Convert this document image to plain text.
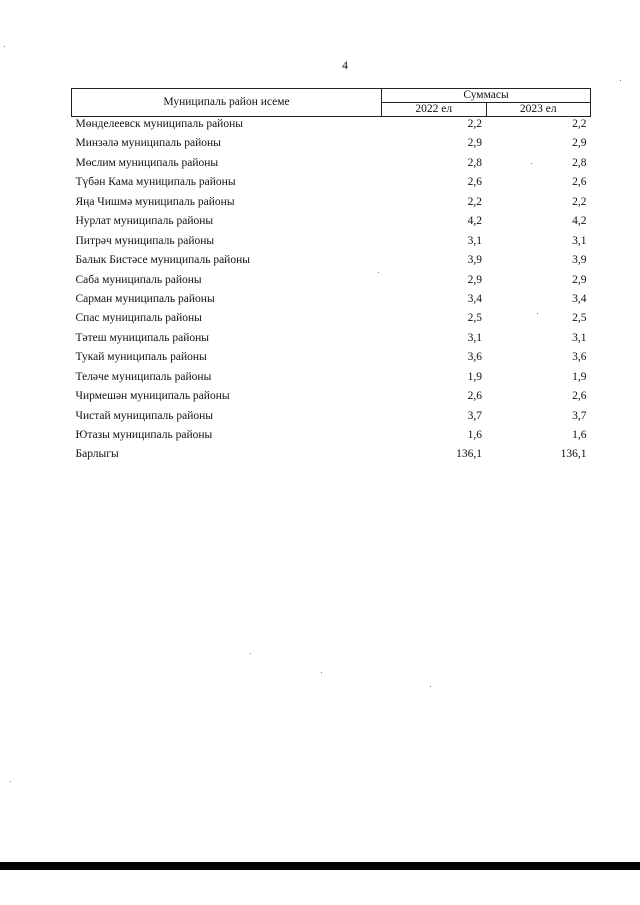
4
Муниципаль район исеме	Суммасы	
	2022 ел	2023 ел
Мөнделеевск муниципаль районы	2,2	2,2
Минзәлә муниципаль районы	2,9	2,9
Мөслим муниципаль районы	2,8	2,8
Түбән Кама муниципаль районы	2,6	2,6
Яңа Чишмә муниципаль районы	2,2	2,2
Нурлат муниципаль районы	4,2	4,2
Питрәч муниципаль районы	3,1	3,1
Балык Бистәсе муниципаль районы	3,9	3,9
Саба муниципаль районы	2,9	2,9
Сарман муниципаль районы	3,4	3,4
Спас муниципаль районы	2,5	2,5
Тәтеш муниципаль районы	3,1	3,1
Тукай муниципаль районы	3,6	3,6
Теләче муниципаль районы	1,9	1,9
Чирмешән муниципаль районы	2,6	2,6
Чистай муниципаль районы	3,7	3,7
Ютазы муниципаль районы	1,6	1,6
Барлыгы	136,1	136,1
